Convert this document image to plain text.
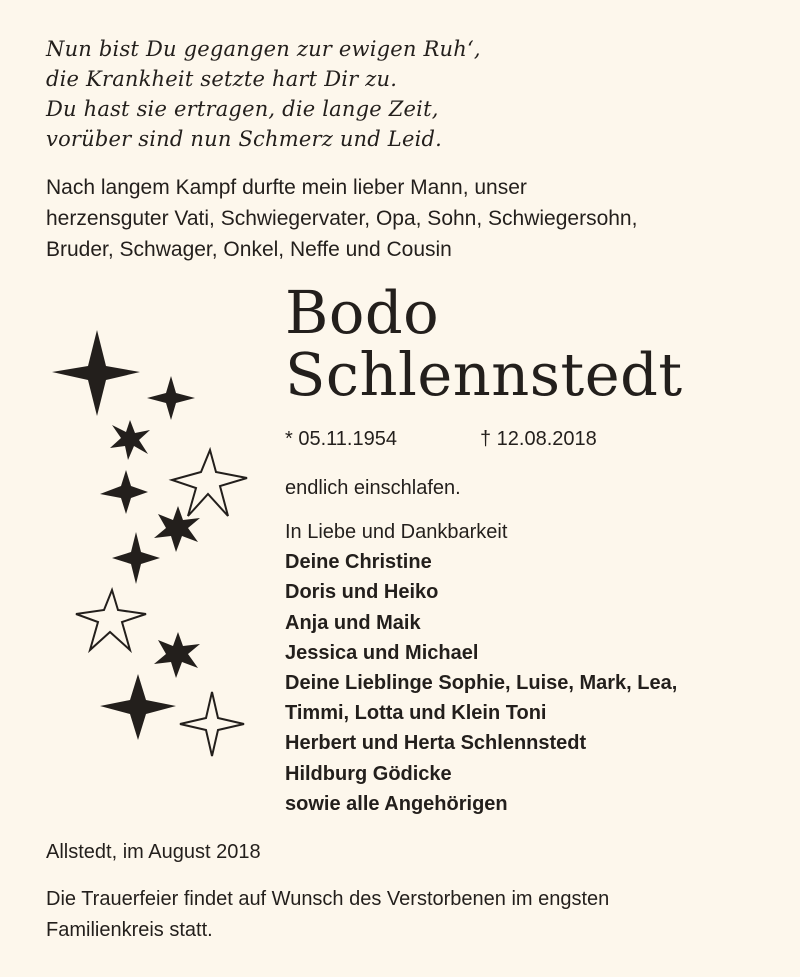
Nun bist Du gegangen zur ewigen Ruh‘,
die Krankheit setzte hart Dir zu.
Du hast sie ertragen, die lange Zeit,
vorüber sind nun Schmerz und Leid.
Nach langem Kampf durfte mein lieber Mann, unser
herzensguter Vati, Schwiegervater, Opa, Sohn, Schwiegersohn,
Bruder, Schwager, Onkel, Neffe und Cousin
Bodo
Schlennstedt
* 05.11.1954	† 12.08.2018
endlich einschlafen.
In Liebe und Dankbarkeit
Deine Christine
Doris und Heiko
Anja und Maik
Jessica und Michael
Deine Lieblinge Sophie, Luise, Mark, Lea,
Timmi, Lotta und Klein Toni
Herbert und Herta Schlennstedt
Hildburg Gödicke
sowie alle Angehörigen
Allstedt, im August 2018
Die Trauerfeier findet auf Wunsch des Verstorbenen im engsten
Familienkreis statt.
